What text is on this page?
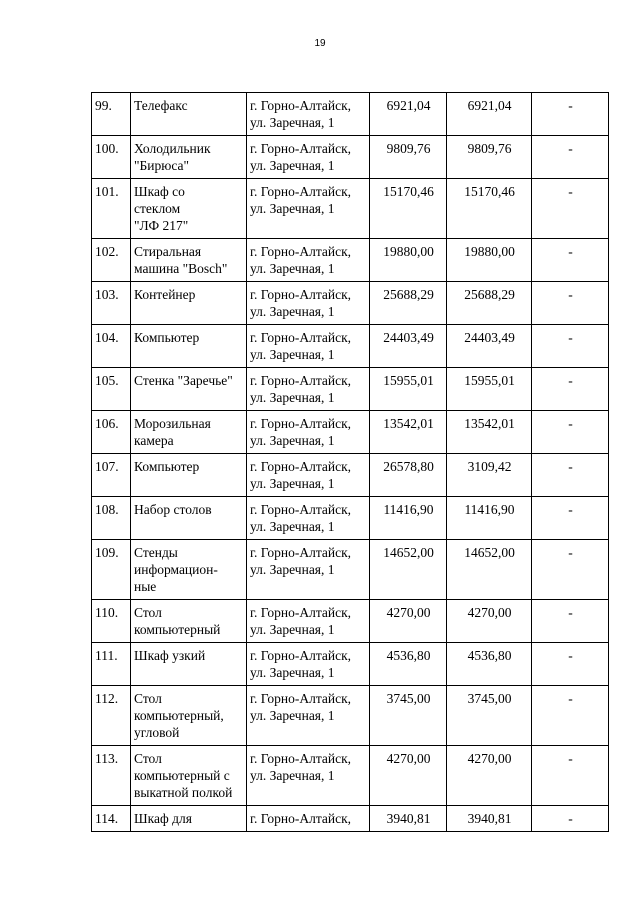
19
99.	Телефакс	г. Горно-Алтайск,
ул. Заречная, 1	6921,04	6921,04	-
100.	Холодильник
"Бирюса"	г. Горно-Алтайск,
ул. Заречная, 1	9809,76	9809,76	-
101.	Шкаф со
стеклом
"ЛФ 217"	г. Горно-Алтайск,
ул. Заречная, 1	15170,46	15170,46	-
102.	Стиральная
машина "Bosch"	г. Горно-Алтайск,
ул. Заречная, 1	19880,00	19880,00	-
103.	Контейнер	г. Горно-Алтайск,
ул. Заречная, 1	25688,29	25688,29	-
104.	Компьютер	г. Горно-Алтайск,
ул. Заречная, 1	24403,49	24403,49	-
105.	Стенка "Заречье"	г. Горно-Алтайск,
ул. Заречная, 1	15955,01	15955,01	-
106.	Морозильная
камера	г. Горно-Алтайск,
ул. Заречная, 1	13542,01	13542,01	-
107.	Компьютер	г. Горно-Алтайск,
ул. Заречная, 1	26578,80	3109,42	-
108.	Набор столов	г. Горно-Алтайск,
ул. Заречная, 1	11416,90	11416,90	-
109.	Стенды
информацион-
ные	г. Горно-Алтайск,
ул. Заречная, 1	14652,00	14652,00	-
110.	Стол
компьютерный	г. Горно-Алтайск,
ул. Заречная, 1	4270,00	4270,00	-
111.	Шкаф узкий	г. Горно-Алтайск,
ул. Заречная, 1	4536,80	4536,80	-
112.	Стол
компьютерный,
угловой	г. Горно-Алтайск,
ул. Заречная, 1	3745,00	3745,00	-
113.	Стол
компьютерный с
выкатной полкой	г. Горно-Алтайск,
ул. Заречная, 1	4270,00	4270,00	-
114.	Шкаф для	г. Горно-Алтайск,	3940,81	3940,81	-
